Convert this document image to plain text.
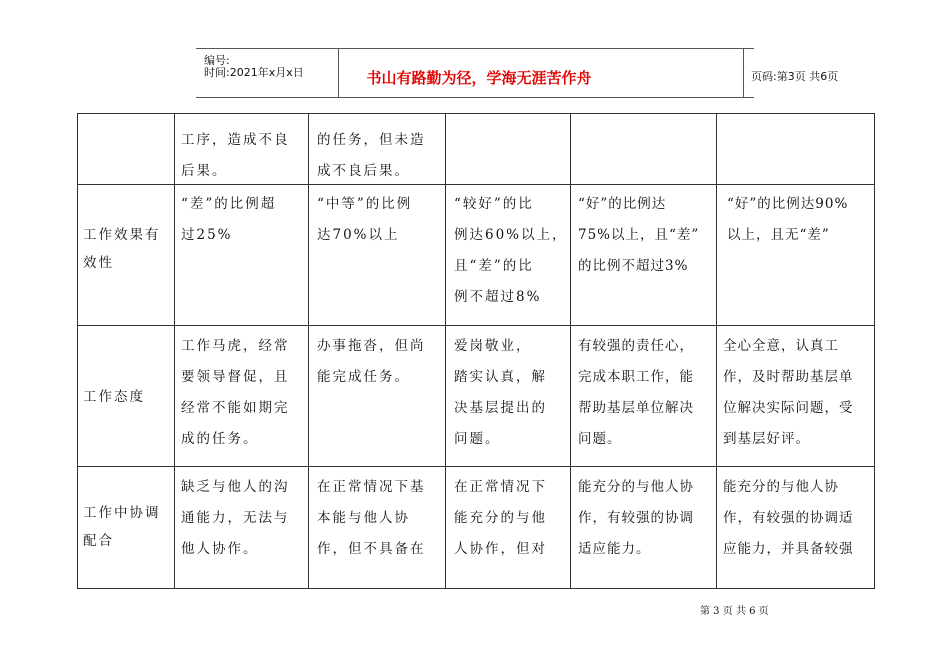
编号:
时间:2021年x月x日	书山有路勤为径，学海无涯苦作舟	页码:第3页 共6页
工序，造成不良
后果。
的任务，但未造
成不良后果。
工作效果有
效性
“差”的比例超
过25%
“中等”的比例
达70%以上
“较好”的比
例达60%以上，
且“差”的比
例不超过8%
“好”的比例达
75%以上，且“差”
的比例不超过3%
“好”的比例达90%
以上，且无“差”
工作态度
工作马虎，经常
要领导督促，且
经常不能如期完
成的任务。
办事拖沓，但尚
能完成任务。
爱岗敬业，
踏实认真，解
决基层提出的
问题。
有较强的责任心，
完成本职工作，能
帮助基层单位解决
问题。
全心全意，认真工
作，及时帮助基层单
位解决实际问题，受
到基层好评。
工作中协调
配合
缺乏与他人的沟
通能力，无法与
他人协作。
在正常情况下基
本能与他人协
作，但不具备在
在正常情况下
能充分的与他
人协作，但对
能充分的与他人协
作，有较强的协调
适应能力。
能充分的与他人协
作，有较强的协调适
应能力，并具备较强
第 3 页 共 6 页
